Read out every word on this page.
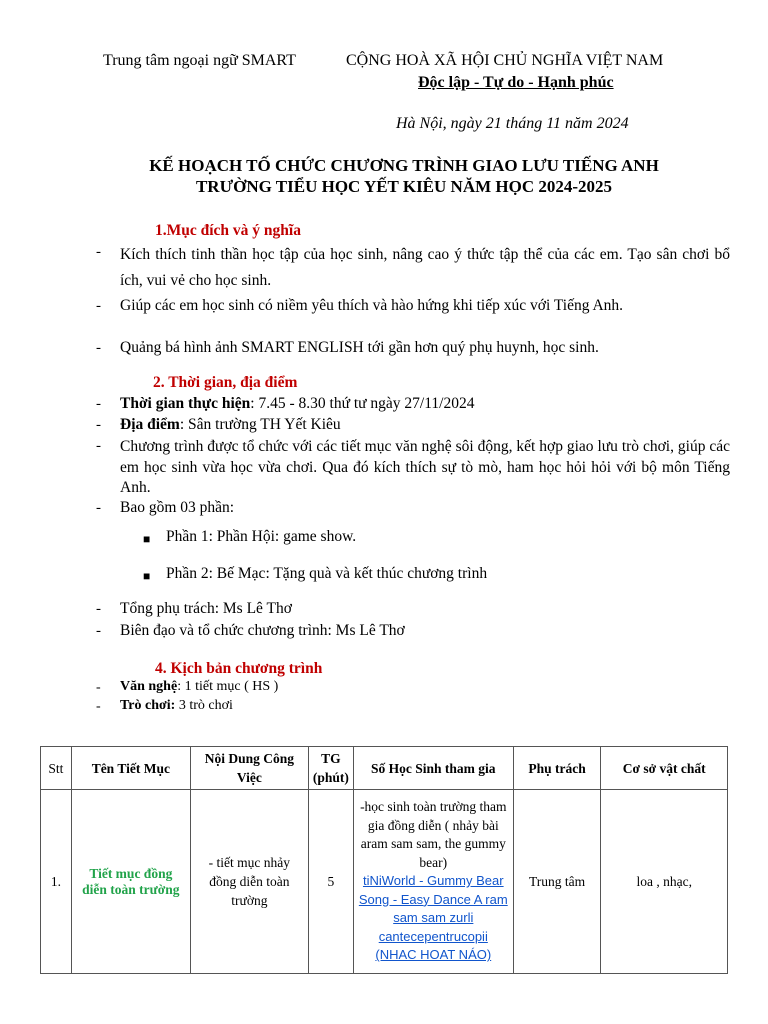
Trung tâm ngoại ngữ SMART	CỘNG HOÀ XÃ HỘI CHỦ NGHĨA VIỆT NAM
Độc lập - Tự do - Hạnh phúc
Hà Nội, ngày 21 tháng 11 năm 2024
KẾ HOẠCH TỐ CHỨC CHƯƠNG TRÌNH GIAO LƯU TIẾNG ANH
TRƯỜNG TIỂU HỌC YẾT KIÊU NĂM HỌC 2024-2025
1.Mục đích và ý nghĩa
- Kích thích tinh thần học tập của học sinh, nâng cao ý thức tập thể của các em. Tạo sân chơi bổ ích, vui vẻ cho học sinh.
- Giúp các em học sinh có niềm yêu thích và hào hứng khi tiếp xúc với Tiếng Anh.
- Quảng bá hình ảnh SMART ENGLISH tới gần hơn quý phụ huynh, học sinh.
2. Thời gian, địa điểm
- Thời gian thực hiện: 7.45 - 8.30 thứ tư ngày 27/11/2024
- Địa điểm: Sân trường TH Yết Kiêu
- Chương trình được tổ chức với các tiết mục văn nghệ sôi động, kết hợp giao lưu trò chơi, giúp các em học sinh vừa học vừa chơi. Qua đó kích thích sự tò mò, ham học hỏi hỏi với bộ môn Tiếng Anh.
- Bao gồm 03 phần:
■ Phần 1: Phần Hội: game show.
■ Phần 2: Bế Mạc: Tặng quà và kết thúc chương trình
- Tổng phụ trách: Ms Lê Thơ
- Biên đạo và tổ chức chương trình: Ms Lê Thơ
4. Kịch bản chương trình
- Văn nghệ: 1 tiết mục ( HS )
- Trò chơi: 3 trò chơi
Stt	Tên Tiết Mục	Nội Dung Công Việc	TG (phút)	Số Học Sinh tham gia	Phụ trách	Cơ sở vật chất
1.	Tiết mục đồng diễn toàn trường	- tiết mục nhảy đồng diễn toàn trường	5	-học sinh toàn trường tham gia đồng diễn ( nhảy bài aram sam sam, the gummy bear)
tiNiWorld - Gummy Bear Song - Easy Dance A ram sam sam zurli cantecepentrucopii (NHAC HOAT NÁO)	Trung tâm	loa , nhạc,
